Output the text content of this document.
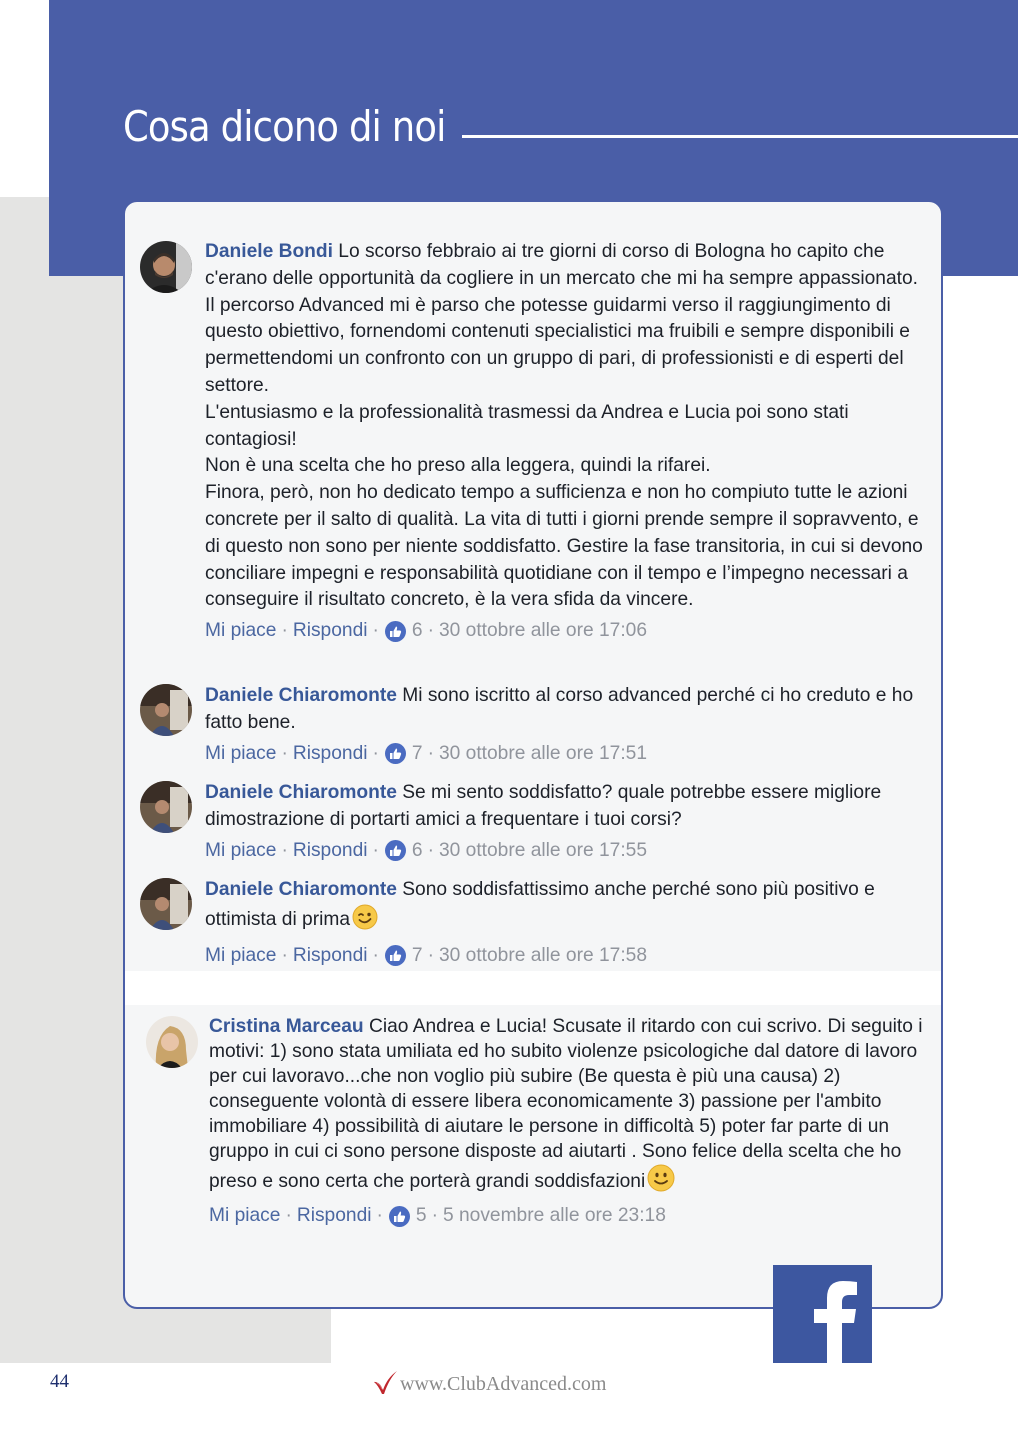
Cosa dicono di noi
Daniele Bondi Lo scorso febbraio ai tre giorni di corso di Bologna ho capito che c'erano delle opportunità da cogliere in un mercato che mi ha sempre appassionato. Il percorso Advanced mi è parso che potesse guidarmi verso il raggiungimento di questo obiettivo, fornendomi contenuti specialistici ma fruibili e sempre disponibili e permettendomi un confronto con un gruppo di pari, di professionisti e di esperti del settore.
L'entusiasmo e la professionalità trasmessi da Andrea e Lucia poi sono stati contagiosi!
Non è una scelta che ho preso alla leggera, quindi la rifarei.
Finora, però, non ho dedicato tempo a sufficienza e non ho compiuto tutte le azioni concrete per il salto di qualità. La vita di tutti i giorni prende sempre il sopravvento, e di questo non sono per niente soddisfatto. Gestire la fase transitoria, in cui si devono conciliare impegni e responsabilità quotidiane con il tempo e l’impegno necessari a conseguire il risultato concreto, è la vera sfida da vincere.
Mi piace · Rispondi · 6 · 30 ottobre alle ore 17:06
Daniele Chiaromonte Mi sono iscritto al corso advanced perché ci ho creduto e ho fatto bene.
Mi piace · Rispondi · 7 · 30 ottobre alle ore 17:51
Daniele Chiaromonte Se mi sento soddisfatto? quale potrebbe essere migliore dimostrazione di portarti amici a frequentare i tuoi corsi?
Mi piace · Rispondi · 6 · 30 ottobre alle ore 17:55
Daniele Chiaromonte Sono soddisfattissimo anche perché sono più positivo e ottimista di prima
Mi piace · Rispondi · 7 · 30 ottobre alle ore 17:58
Cristina Marceau Ciao Andrea e Lucia! Scusate il ritardo con cui scrivo. Di seguito i motivi: 1) sono stata umiliata ed ho subito violenze psicologiche dal datore di lavoro per cui lavoravo...che non voglio più subire (Be questa è più una causa) 2) conseguente volontà di essere libera economicamente 3) passione per l'ambito immobiliare 4) possibilità di aiutare le persone in difficoltà 5) poter far parte di un gruppo in cui ci sono persone disposte ad aiutarti . Sono felice della scelta che ho preso e sono certa che porterà grandi soddisfazioni
Mi piace · Rispondi · 5 · 5 novembre alle ore 23:18
44	www.ClubAdvanced.com
